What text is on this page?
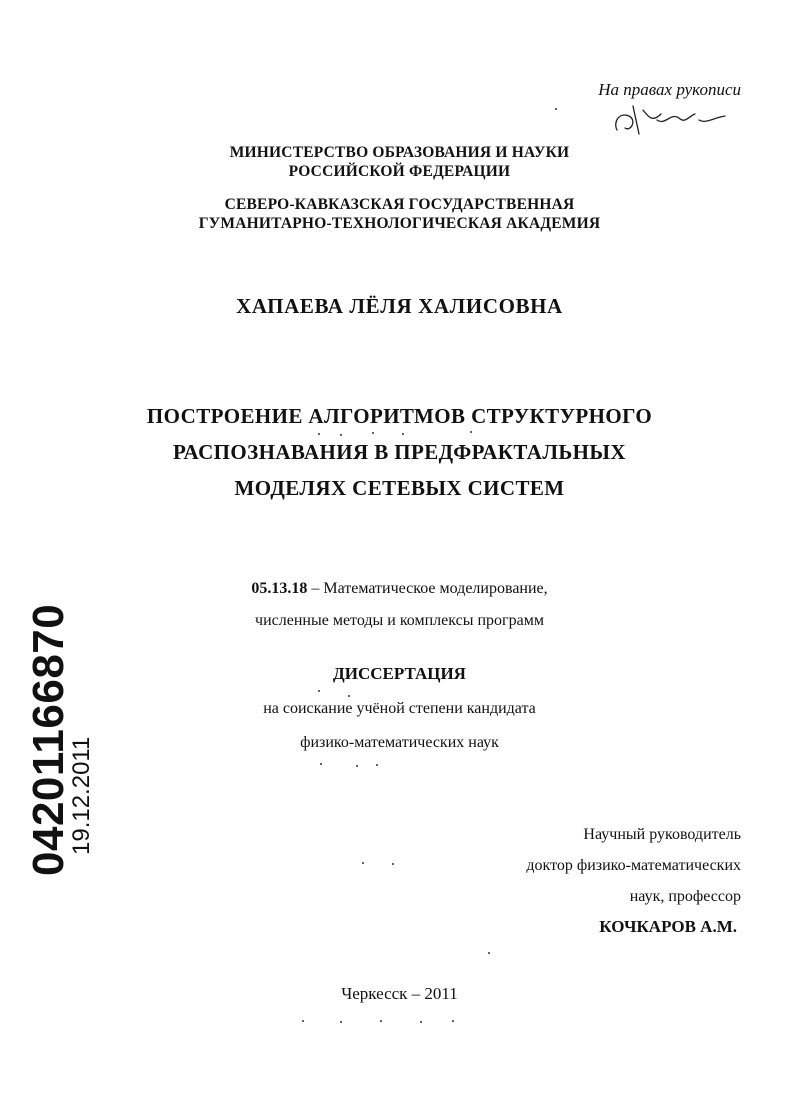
На правах рукописи
МИНИСТЕРСТВО ОБРАЗОВАНИЯ И НАУКИ
РОССИЙСКОЙ ФЕДЕРАЦИИ
СЕВЕРО-КАВКАЗСКАЯ ГОСУДАРСТВЕННАЯ
ГУМАНИТАРНО-ТЕХНОЛОГИЧЕСКАЯ АКАДЕМИЯ
ХАПАЕВА ЛЁЛЯ ХАЛИСОВНА
ПОСТРОЕНИЕ АЛГОРИТМОВ СТРУКТУРНОГО
РАСПОЗНАВАНИЯ В ПРЕДФРАКТАЛЬНЫХ
МОДЕЛЯХ СЕТЕВЫХ СИСТЕМ
05.13.18 – Математическое моделирование,
численные методы и комплексы программ
ДИССЕРТАЦИЯ
на соискание учёной степени кандидата
физико-математических наук
Научный руководитель
доктор физико-математических
наук, профессор
КОЧКАРОВ А.М.
Черкесск – 2011
04201166870
19.12.2011
